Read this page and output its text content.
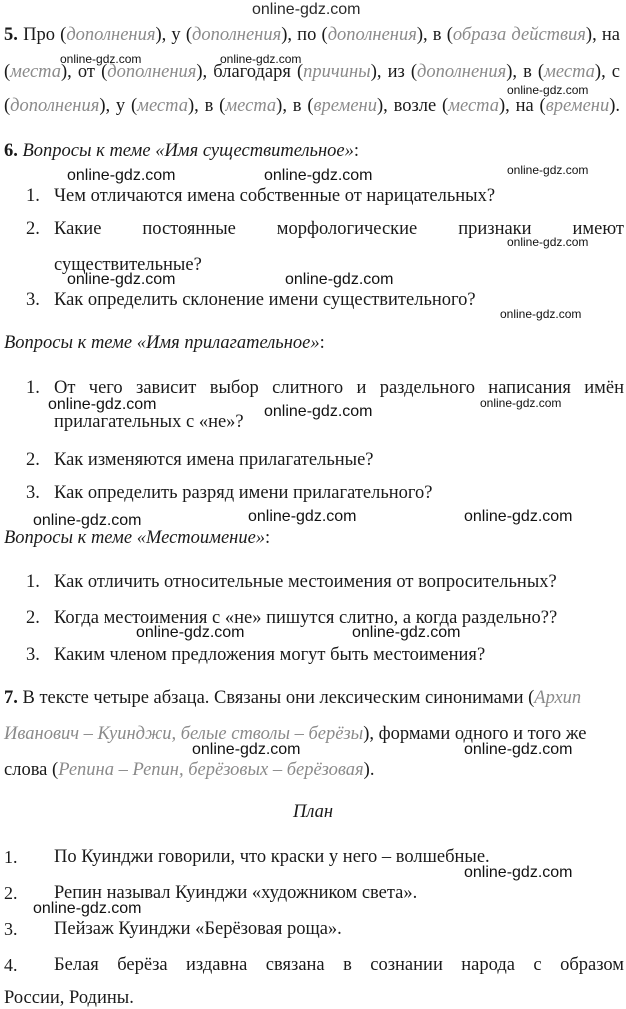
online-gdz.com
5. Про (дополнения), у (дополнения), по (дополнения), в (образа действия), на
(места), от (дополнения), благодаря (причины), из (дополнения), в (места), с
(дополнения), у (места), в (места), в (времени), возле (места), на (времени).
6. Вопросы к теме «Имя существительное»:
1. Чем отличаются имена собственные от нарицательных?
2. Какие постоянные морфологические признаки имеют
существительные?
3. Как определить склонение имени существительного?
Вопросы к теме «Имя прилагательное»:
1. От чего зависит выбор слитного и раздельного написания имён
прилагательных с «не»?
2. Как изменяются имена прилагательные?
3. Как определить разряд имени прилагательного?
Вопросы к теме «Местоимение»:
1. Как отличить относительные местоимения от вопросительных?
2. Когда местоимения с «не» пишутся слитно, а когда раздельно??
3. Каким членом предложения могут быть местоимения?
7. В тексте четыре абзаца. Связаны они лексическим синонимами (Архип
Иванович – Куинджи, белые стволы – берёзы), формами одного и того же
слова (Репина – Репин, берёзовых – берёзовая).
План
1. По Куинджи говорили, что краски у него – волшебные.
2. Репин называл Куинджи «художником света».
3. Пейзаж Куинджи «Берёзовая роща».
4. Белая берёза издавна связана в сознании народа с образом
России, Родины.
online-gdz.com	online-gdz.com
online-gdz.com
online-gdz.com
online-gdz.com	online-gdz.com
online-gdz.com
online-gdz.com	online-gdz.com
online-gdz.com
online-gdz.com
online-gdz.com	online-gdz.com
online-gdz.com	online-gdz.com	online-gdz.com
online-gdz.com	online-gdz.com
online-gdz.com	online-gdz.com
online-gdz.com
online-gdz.com
